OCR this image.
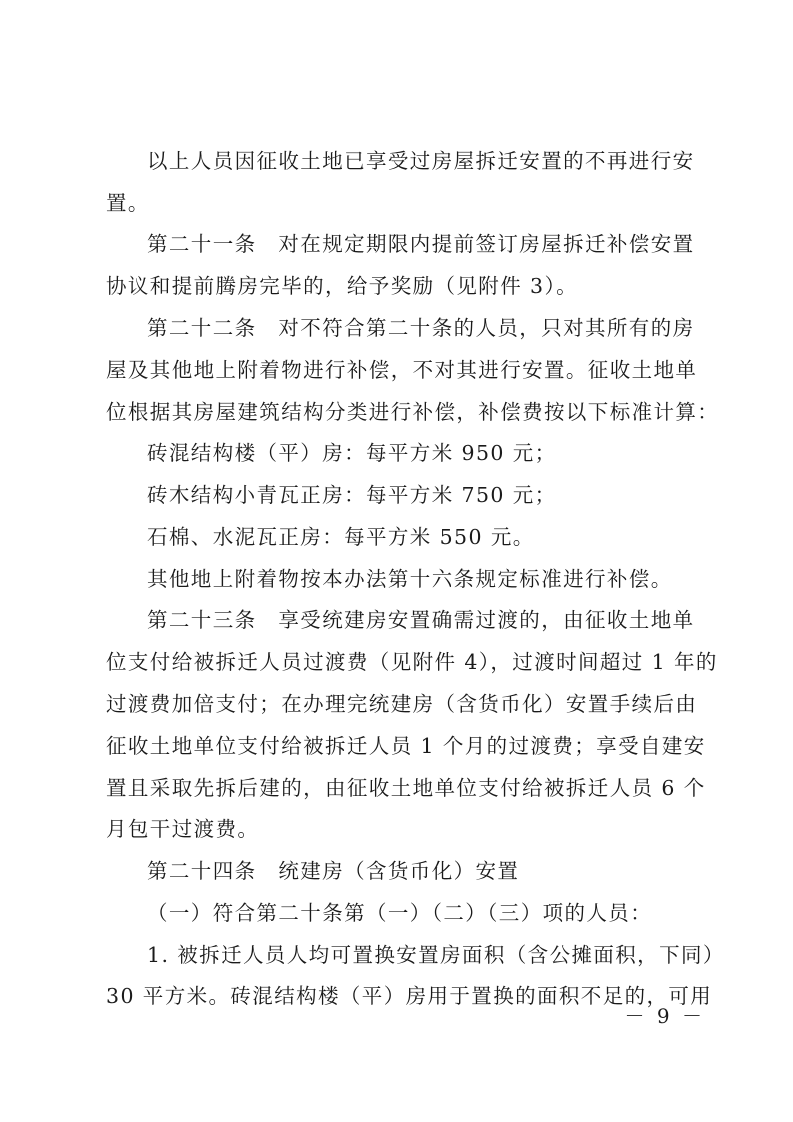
以上人员因征收土地已享受过房屋拆迁安置的不再进行安
置。
第二十一条　对在规定期限内提前签订房屋拆迁补偿安置
协议和提前腾房完毕的，给予奖励（见附件 3）。
第二十二条　对不符合第二十条的人员，只对其所有的房
屋及其他地上附着物进行补偿，不对其进行安置。征收土地单
位根据其房屋建筑结构分类进行补偿，补偿费按以下标准计算：
砖混结构楼（平）房：每平方米 950 元；
砖木结构小青瓦正房：每平方米 750 元；
石棉、水泥瓦正房：每平方米 550 元。
其他地上附着物按本办法第十六条规定标准进行补偿。
第二十三条　享受统建房安置确需过渡的，由征收土地单
位支付给被拆迁人员过渡费（见附件 4），过渡时间超过 1 年的
过渡费加倍支付；在办理完统建房（含货币化）安置手续后由
征收土地单位支付给被拆迁人员 1 个月的过渡费；享受自建安
置且采取先拆后建的，由征收土地单位支付给被拆迁人员 6 个
月包干过渡费。
第二十四条　统建房（含货币化）安置
（一）符合第二十条第（一）（二）（三）项的人员：
1. 被拆迁人员人均可置换安置房面积（含公摊面积，下同）
30 平方米。砖混结构楼（平）房用于置换的面积不足的，可用
－ 9 －
